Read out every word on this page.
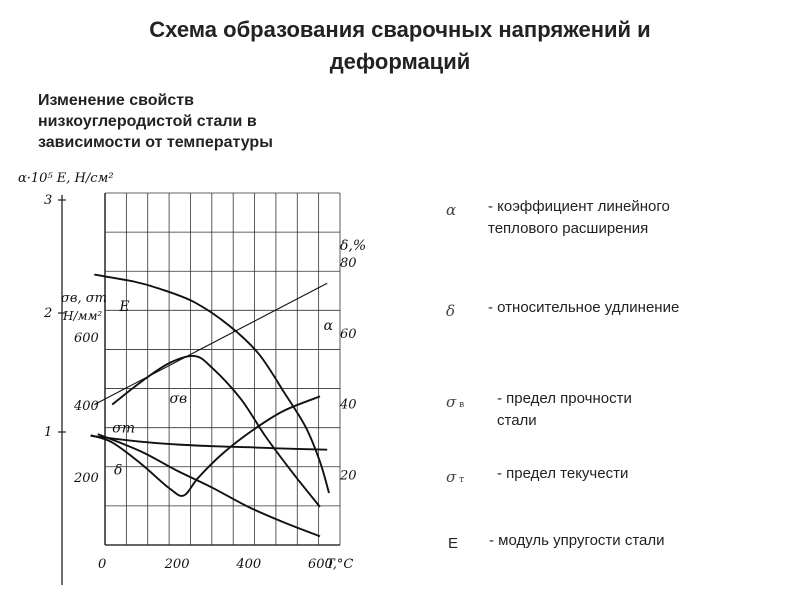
Схема образования сварочных напряжений и
деформаций
Изменение свойств
низкоуглеродистой стали в
зависимости от температуры
3
2
1
α·10⁵ E, Н/см²
200
400
600
σв, σт
Н/мм²
20
40
60
80
δ,%
0	200	400	600
T,°C
E
α
σв
σт
δ
α - коэффициент линейного
теплового расширения
δ - относительное удлинение
σ в - предел прочности
стали
σ т - предел текучести
E - модуль упругости стали
